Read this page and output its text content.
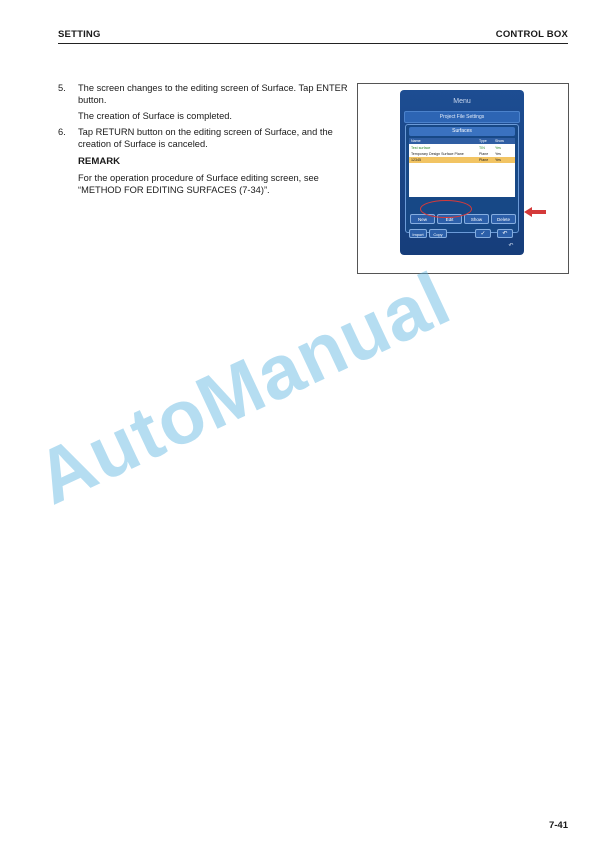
SETTING	CONTROL BOX
5. The screen changes to the editing screen of Surface. Tap ENTER button.
The creation of Surface is completed.
6. Tap RETURN button on the editing screen of Surface, and the creation of Surface is canceled.
REMARK
For the operation procedure of Surface editing screen, see “METHOD FOR EDITING SURFACES (7-34)”.
Menu
Project File Settings
Surfaces
Name	Type	Show
Test surface	TIN	Yes
Temporary Design Surface Plane	Plane	Yes
12345	Plane	Yes
New	Edit	Show	Delete
Import	Copy	✓	↶
↶
AutoManual
7-41
